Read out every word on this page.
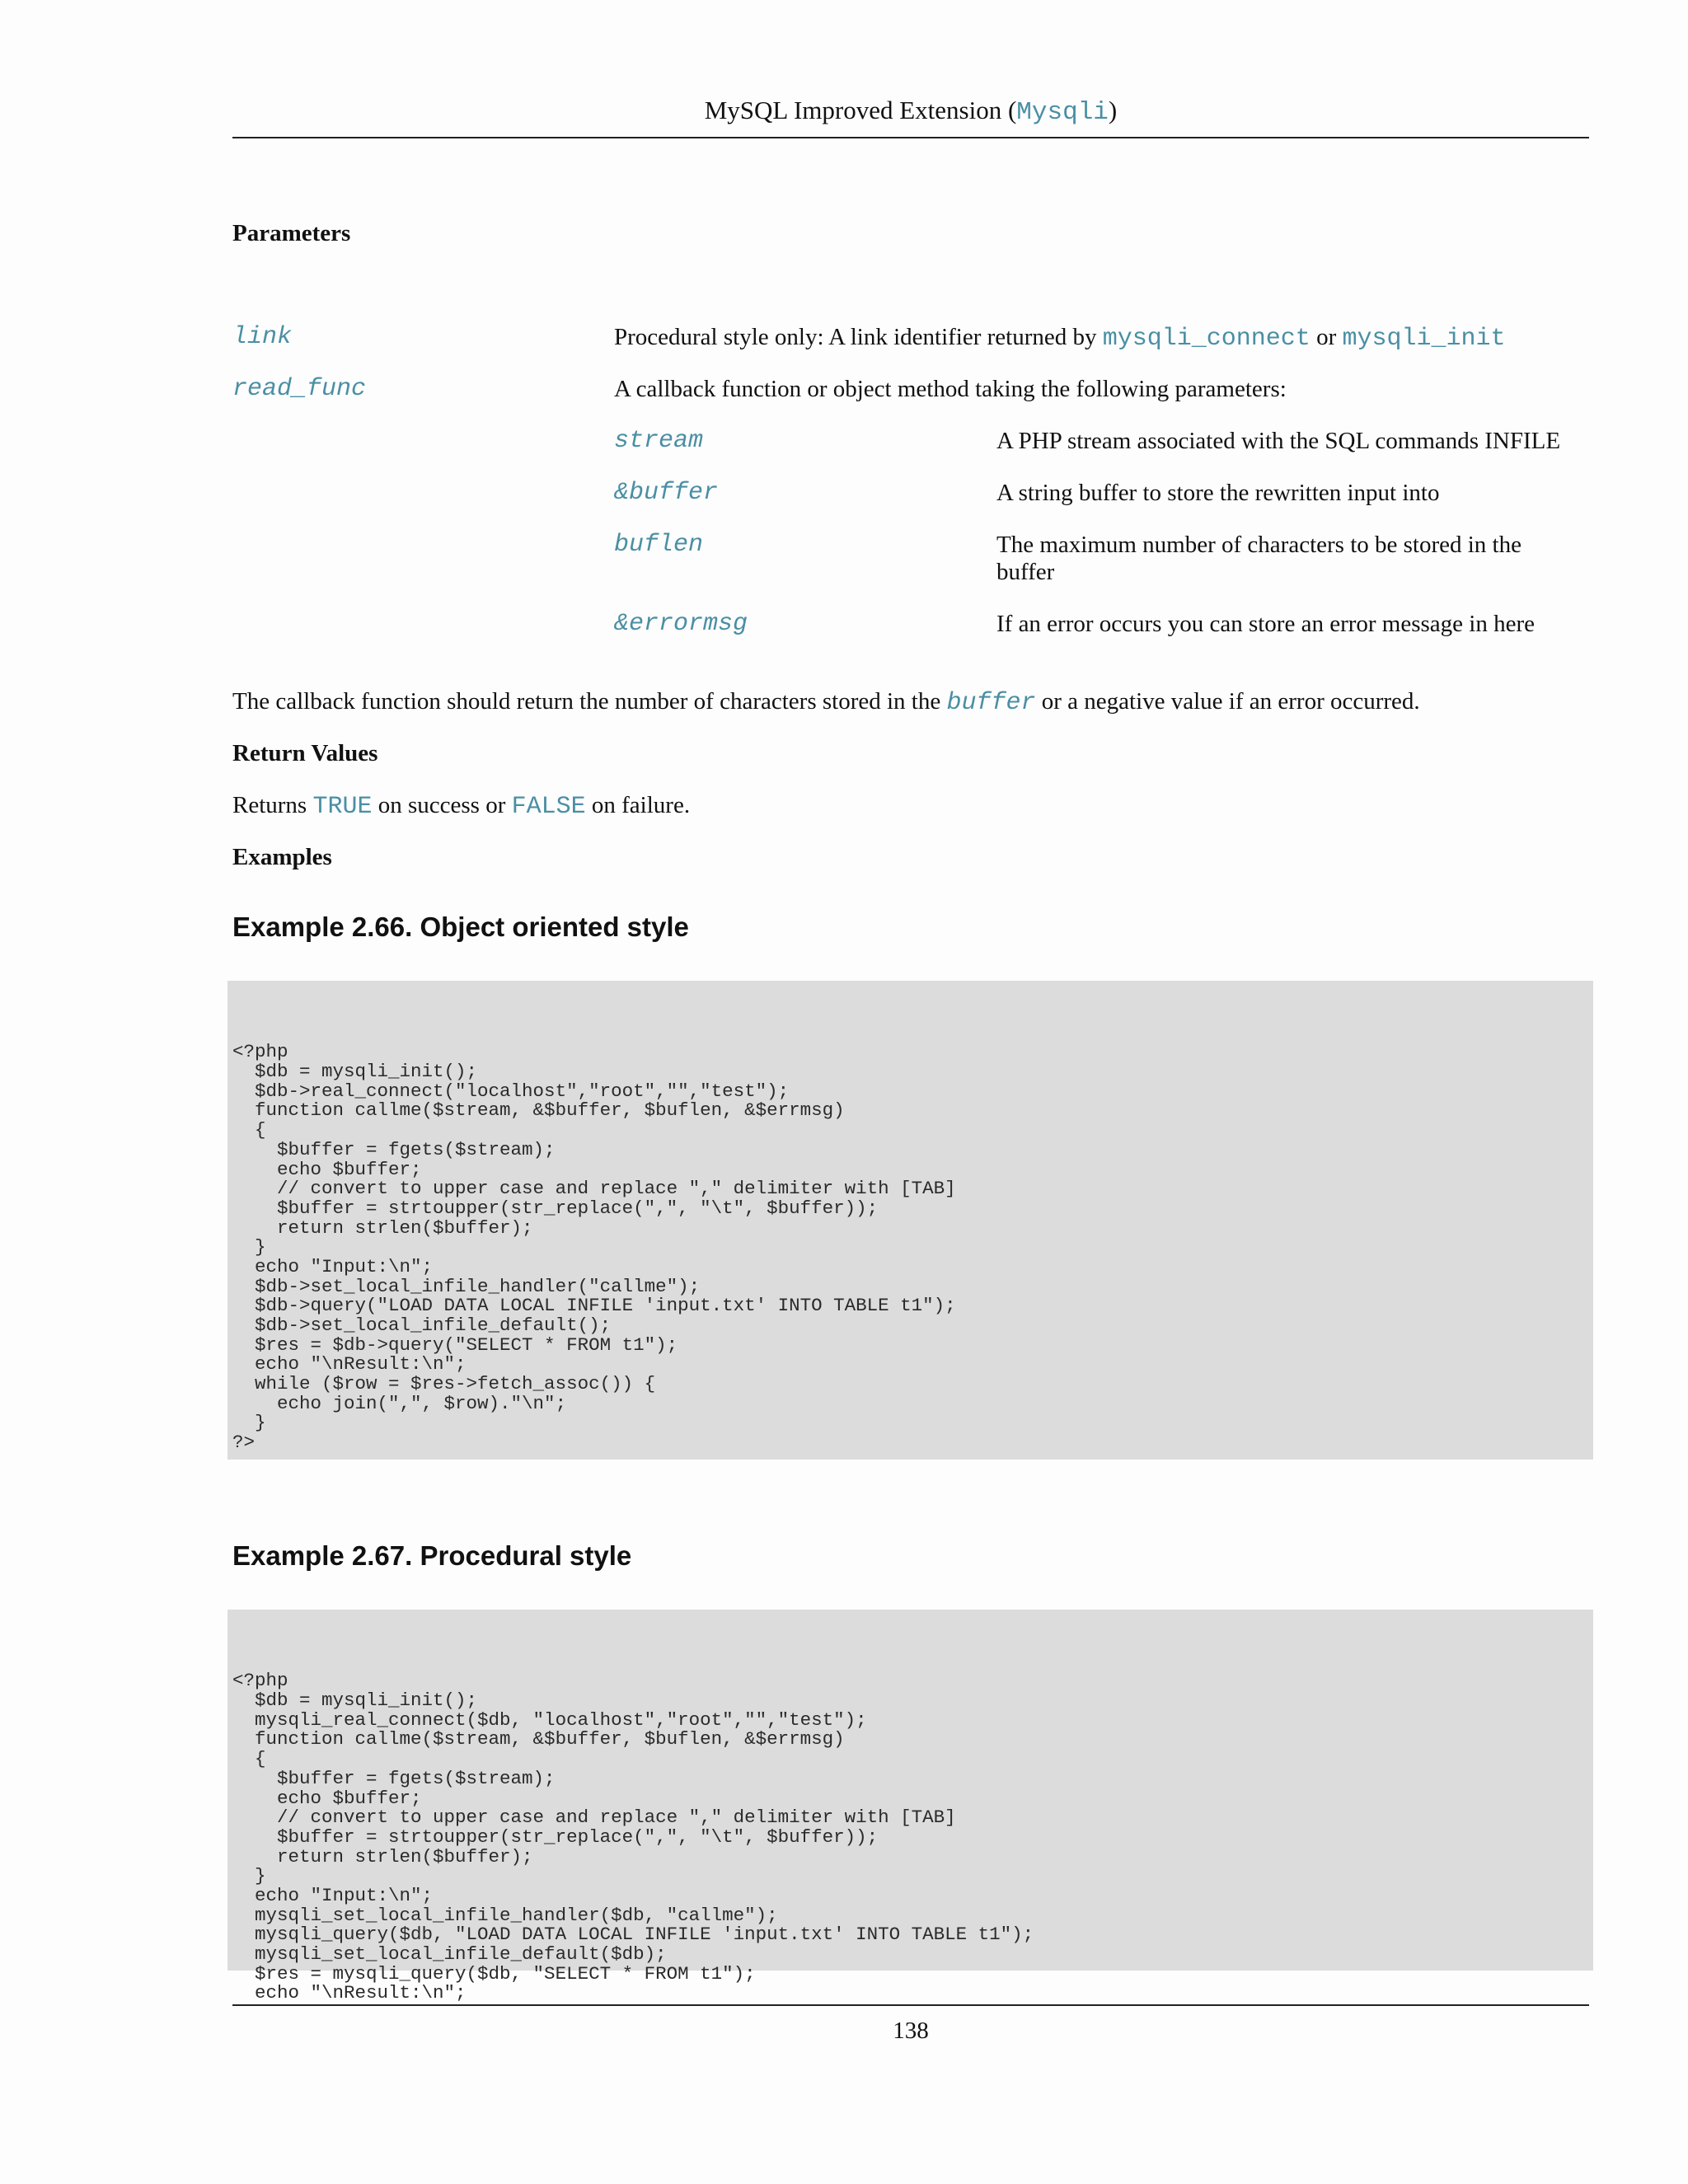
MySQL Improved Extension (Mysqli)
Parameters
link	Procedural style only: A link identifier returned by mysqli_connect or mysqli_init
read_func	A callback function or object method taking the following parameters:
stream	A PHP stream associated with the SQL commands INFILE
&buffer	A string buffer to store the rewritten input into
buflen	The maximum number of characters to be stored in the
buffer
&errormsg	If an error occurs you can store an error message in here
The callback function should return the number of characters stored in the buffer or a negative value if an error occurred.
Return Values
Returns TRUE on success or FALSE on failure.
Examples
Example 2.66. Object oriented style

<?php
$db = mysqli_init();
$db->real_connect("localhost","root","","test");
function callme($stream, &$buffer, $buflen, &$errmsg)
{
$buffer = fgets($stream);
echo $buffer;
// convert to upper case and replace "," delimiter with [TAB]
$buffer = strtoupper(str_replace(",", "\t", $buffer));
return strlen($buffer);
}
echo "Input:\n";
$db->set_local_infile_handler("callme");
$db->query("LOAD DATA LOCAL INFILE 'input.txt' INTO TABLE t1");
$db->set_local_infile_default();
$res = $db->query("SELECT * FROM t1");
echo "\nResult:\n";
while ($row = $res->fetch_assoc()) {
echo join(",", $row)."\n";
}
?>

Example 2.67. Procedural style

<?php
$db = mysqli_init();
mysqli_real_connect($db, "localhost","root","","test");
function callme($stream, &$buffer, $buflen, &$errmsg)
{
$buffer = fgets($stream);
echo $buffer;
// convert to upper case and replace "," delimiter with [TAB]
$buffer = strtoupper(str_replace(",", "\t", $buffer));
return strlen($buffer);
}
echo "Input:\n";
mysqli_set_local_infile_handler($db, "callme");
mysqli_query($db, "LOAD DATA LOCAL INFILE 'input.txt' INTO TABLE t1");
mysqli_set_local_infile_default($db);
$res = mysqli_query($db, "SELECT * FROM t1");
echo "\nResult:\n";

138
